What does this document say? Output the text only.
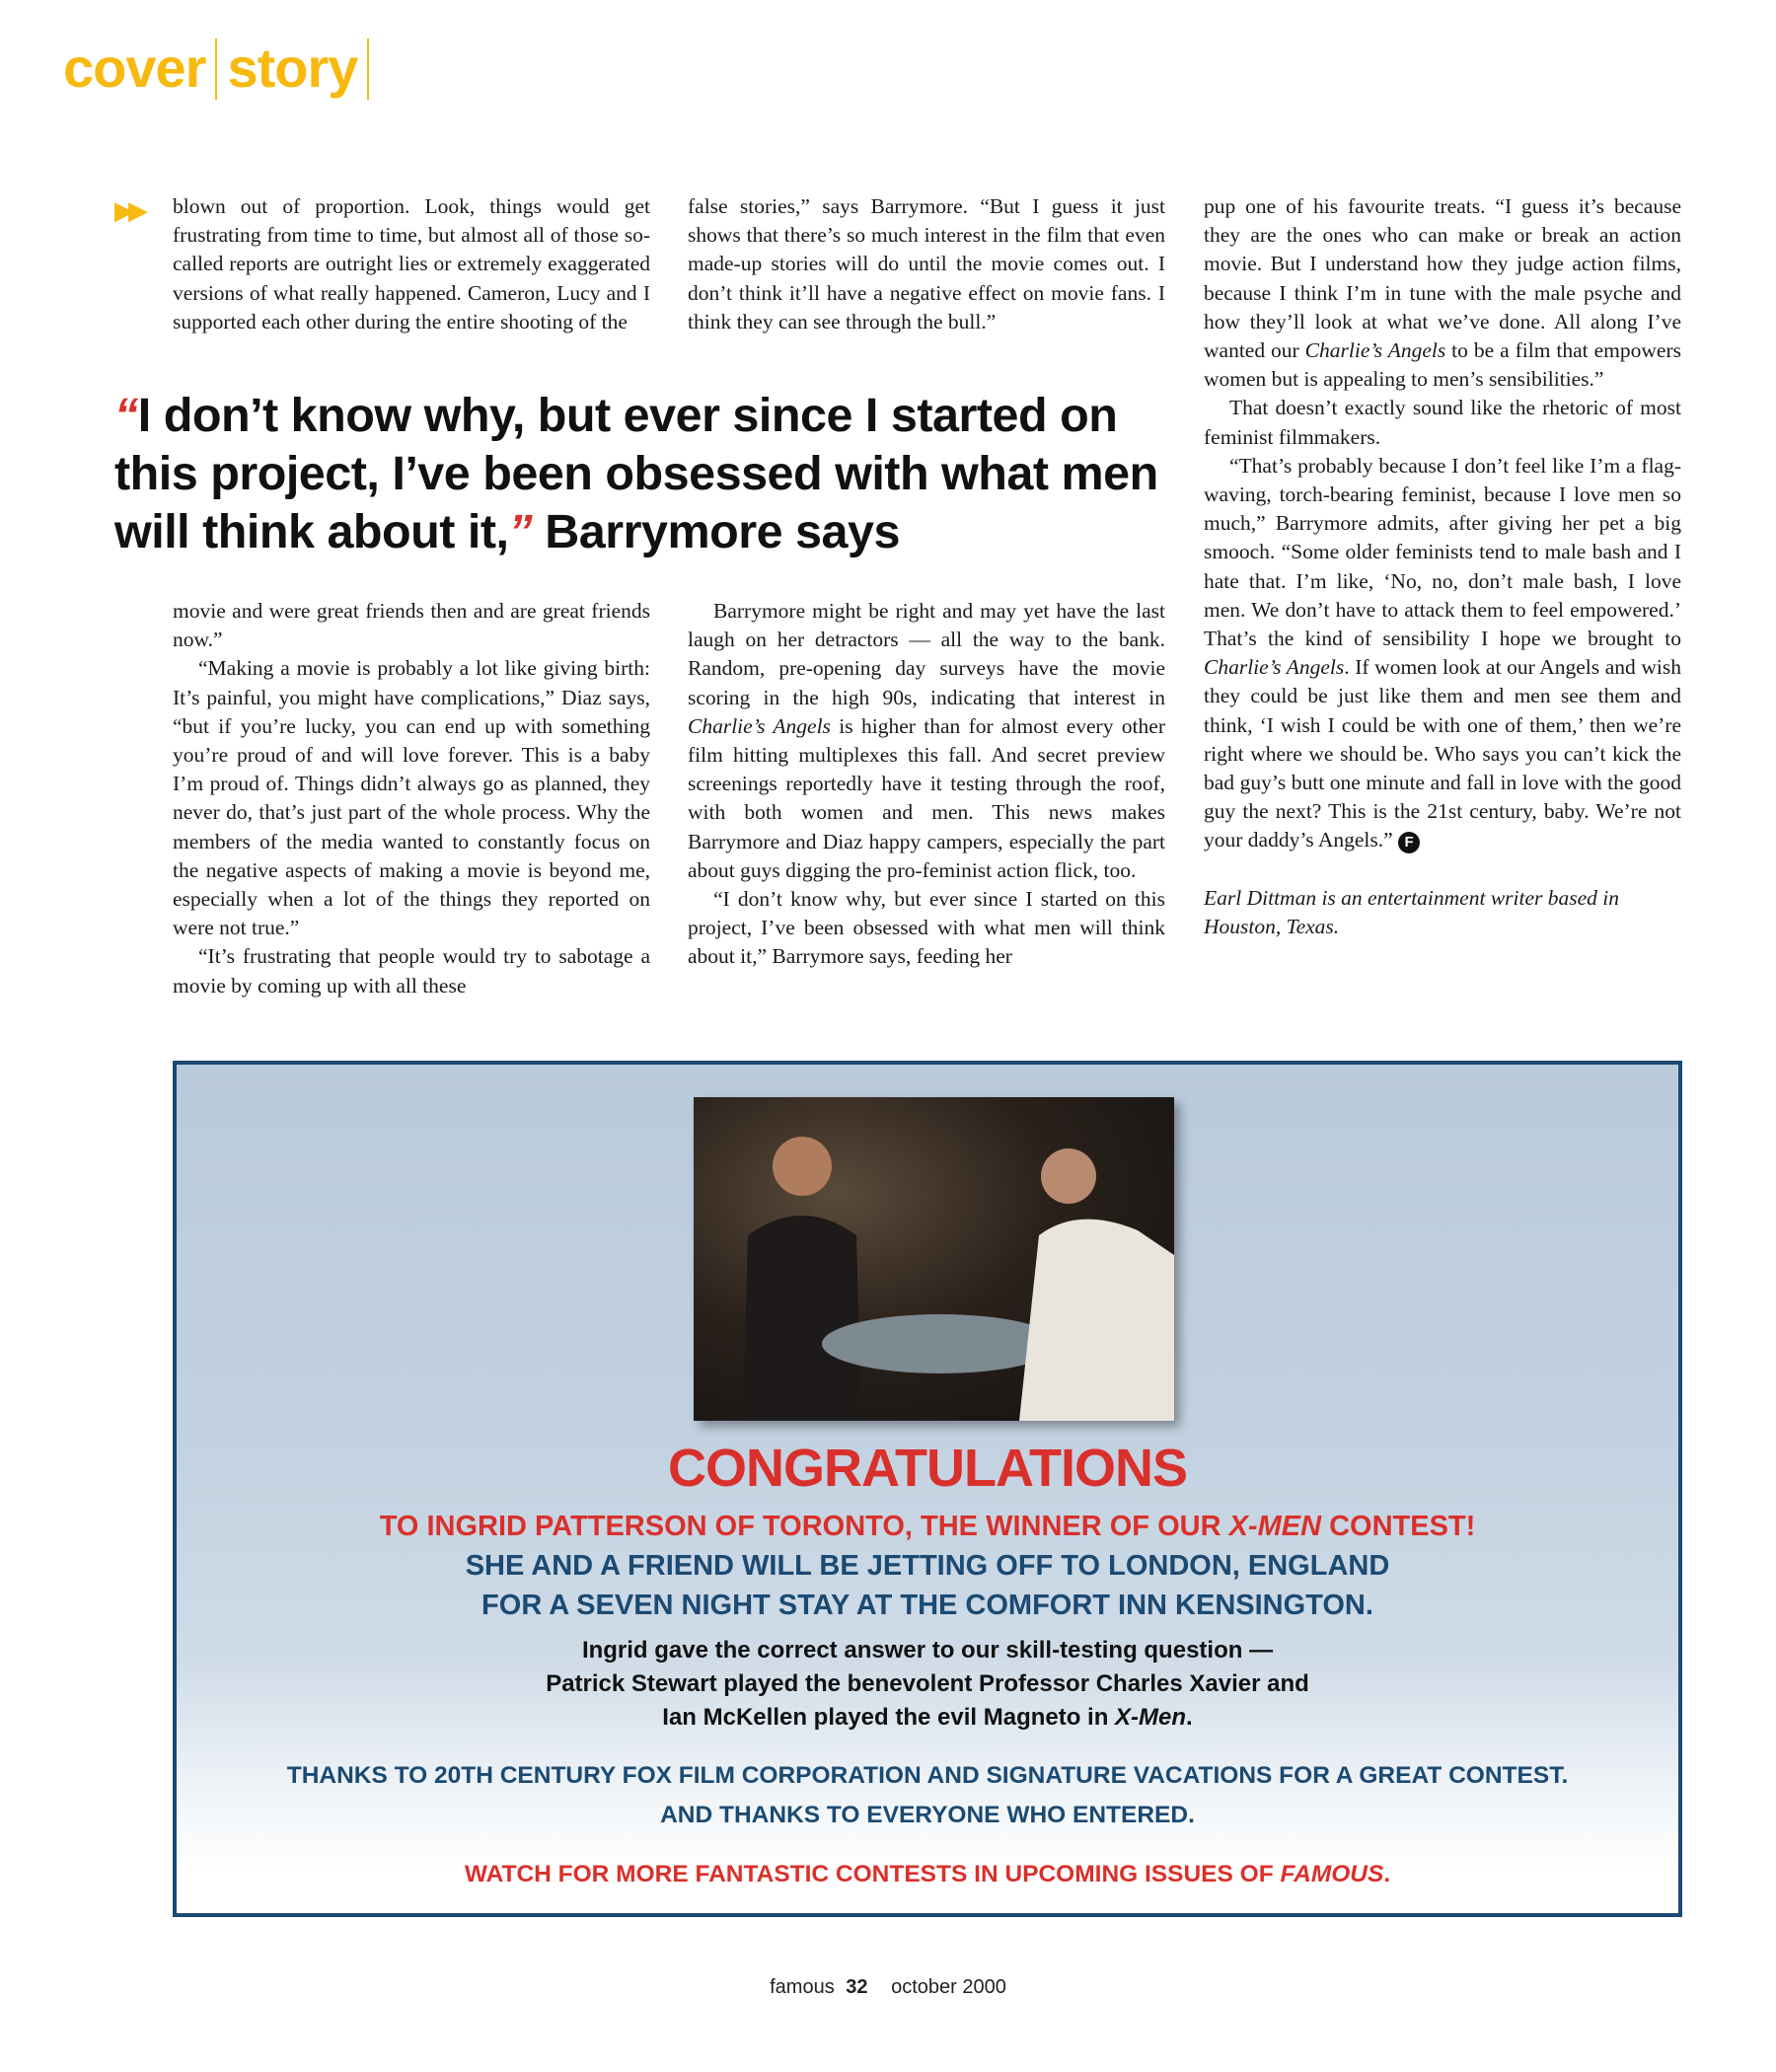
cover story
▶▶ blown out of proportion. Look, things would get frustrating from time to time, but almost all of those so-called reports are outright lies or extremely exaggerated versions of what really happened. Cameron, Lucy and I supported each other during the entire shooting of the

false stories,” says Barrymore. “But I guess it just shows that there’s so much interest in the film that even made-up stories will do until the movie comes out. I don’t think it’ll have a negative effect on movie fans. I think they can see through the bull.”

movie and were great friends then and are great friends now.”

“Making a movie is probably a lot like giving birth: It’s painful, you might have complications,” Diaz says, “but if you’re lucky, you can end up with something you’re proud of and will love forever. This is a baby I’m proud of. Things didn’t always go as planned, they never do, that’s just part of the whole process. Why the members of the media wanted to constantly focus on the negative aspects of making a movie is beyond me, especially when a lot of the things they reported on were not true.”

“It’s frustrating that people would try to sabotage a movie by coming up with all these

Barrymore might be right and may yet have the last laugh on her detractors — all the way to the bank. Random, pre-opening day surveys have the movie scoring in the high 90s, indicating that interest in Charlie’s Angels is higher than for almost every other film hitting multiplexes this fall. And secret preview screenings reportedly have it testing through the roof, with both women and men. This news makes Barrymore and Diaz happy campers, especially the part about guys digging the pro-feminist action flick, too.

“I don’t know why, but ever since I started on this project, I’ve been obsessed with what men will think about it,” Barrymore says, feeding her

pup one of his favourite treats. “I guess it’s because they are the ones who can make or break an action movie. But I understand how they judge action films, because I think I’m in tune with the male psyche and how they’ll look at what we’ve done. All along I’ve wanted our Charlie’s Angels to be a film that empowers women but is appealing to men’s sensibilities.”

That doesn’t exactly sound like the rhetoric of most feminist filmmakers.

“That’s probably because I don’t feel like I’m a flag-waving, torch-bearing feminist, because I love men so much,” Barrymore admits, after giving her pet a big smooch. “Some older feminists tend to male bash and I hate that. I’m like, ‘No, no, don’t male bash, I love men. We don’t have to attack them to feel empowered.’ That’s the kind of sensibility I hope we brought to Charlie’s Angels. If women look at our Angels and wish they could be just like them and men see them and think, ‘I wish I could be with one of them,’ then we’re right where we should be. Who says you can’t kick the bad guy’s butt one minute and fall in love with the good guy the next? This is the 21st century, baby. We’re not your daddy’s Angels.” F

Earl Dittman is an entertainment writer based in Houston, Texas.

“I don’t know why, but ever since I started on this project, I’ve been obsessed with what men will think about it,” Barrymore says
CONGRATULATIONS
TO INGRID PATTERSON OF TORONTO, THE WINNER OF OUR X-MEN CONTEST!
SHE AND A FRIEND WILL BE JETTING OFF TO LONDON, ENGLAND
FOR A SEVEN NIGHT STAY AT THE COMFORT INN KENSINGTON.
Ingrid gave the correct answer to our skill-testing question —
Patrick Stewart played the benevolent Professor Charles Xavier and
Ian McKellen played the evil Magneto in X-Men.
THANKS TO 20TH CENTURY FOX FILM CORPORATION AND SIGNATURE VACATIONS FOR A GREAT CONTEST.
AND THANKS TO EVERYONE WHO ENTERED.
WATCH FOR MORE FANTASTIC CONTESTS IN UPCOMING ISSUES OF FAMOUS.
famous 32 october 2000
